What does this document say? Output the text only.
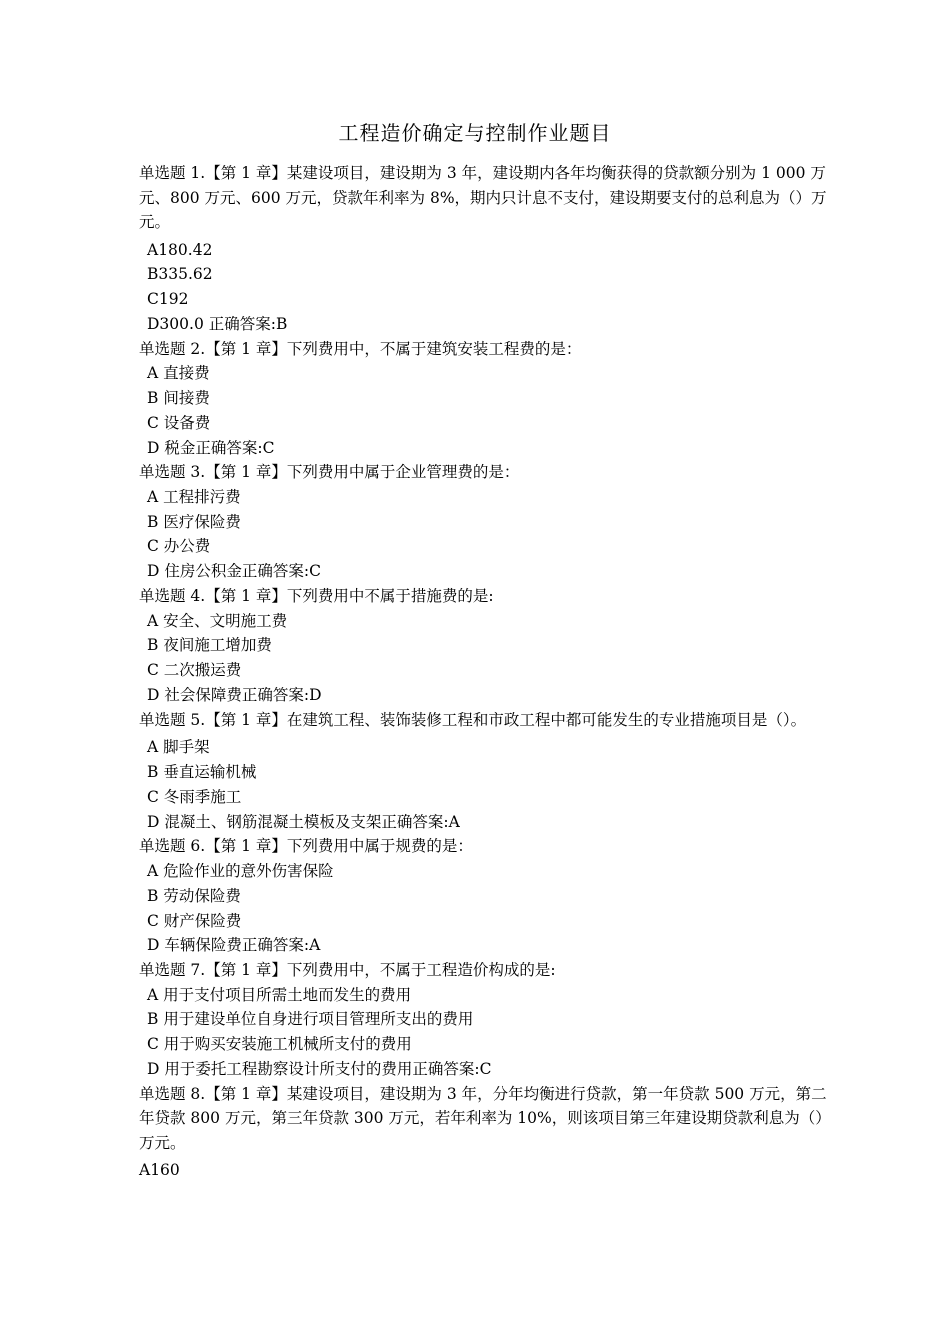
工程造价确定与控制作业题目

单选题 1.【第 1 章】某建设项目，建设期为 3 年，建设期内各年均衡获得的贷款额分别为 1 000 万元、800 万元、600 万元，贷款年利率为 8%，期内只计息不支付，建设期要支付的总利息为（）万元。

A180.42

B335.62

C192

D300.0 正确答案:B

单选题 2.【第 1 章】下列费用中，不属于建筑安装工程费的是：

A 直接费

B 间接费

C 设备费

D 税金正确答案:C

单选题 3.【第 1 章】下列费用中属于企业管理费的是：

A 工程排污费

B 医疗保险费

C 办公费

D 住房公积金正确答案:C

单选题 4.【第 1 章】下列费用中不属于措施费的是:

A 安全、文明施工费

B 夜间施工增加费

C 二次搬运费

D 社会保障费正确答案:D

单选题 5.【第 1 章】在建筑工程、装饰装修工程和市政工程中都可能发生的专业措施项目是（）。

A 脚手架

B 垂直运输机械

C 冬雨季施工

D 混凝土、钢筋混凝土模板及支架正确答案:A

单选题 6.【第 1 章】下列费用中属于规费的是：

A 危险作业的意外伤害保险

B 劳动保险费

C 财产保险费

D 车辆保险费正确答案:A

单选题 7.【第 1 章】下列费用中，不属于工程造价构成的是:

A 用于支付项目所需土地而发生的费用

B 用于建设单位自身进行项目管理所支出的费用

C 用于购买安装施工机械所支付的费用

D 用于委托工程勘察设计所支付的费用正确答案:C

单选题 8.【第 1 章】某建设项目，建设期为 3 年，分年均衡进行贷款，第一年贷款 500 万元，第二年贷款 800 万元，第三年贷款 300 万元，若年利率为 10%，则该项目第三年建设期贷款利息为（）万元。

A160
